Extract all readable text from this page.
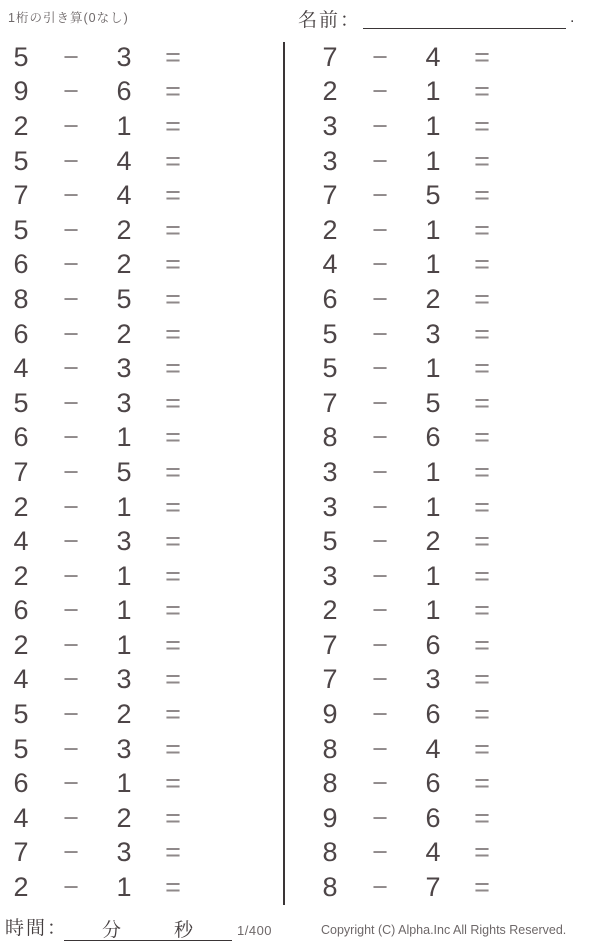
1桁の引き算(0なし)	名前：	.
5	−	3	=
9	−	6	=
2	−	1	=
5	−	4	=
7	−	4	=
5	−	2	=
6	−	2	=
8	−	5	=
6	−	2	=
4	−	3	=
5	−	3	=
6	−	1	=
7	−	5	=
2	−	1	=
4	−	3	=
2	−	1	=
6	−	1	=
2	−	1	=
4	−	3	=
5	−	2	=
5	−	3	=
6	−	1	=
4	−	2	=
7	−	3	=
2	−	1	=
7	−	4	=
2	−	1	=
3	−	1	=
3	−	1	=
7	−	5	=
2	−	1	=
4	−	1	=
6	−	2	=
5	−	3	=
5	−	1	=
7	−	5	=
8	−	6	=
3	−	1	=
3	−	1	=
5	−	2	=
3	−	1	=
2	−	1	=
7	−	6	=
7	−	3	=
9	−	6	=
8	−	4	=
8	−	6	=
9	−	6	=
8	−	4	=
8	−	7	=
時間： 分	秒	1/400	Copyright (C) Alpha.Inc All Rights Reserved.
